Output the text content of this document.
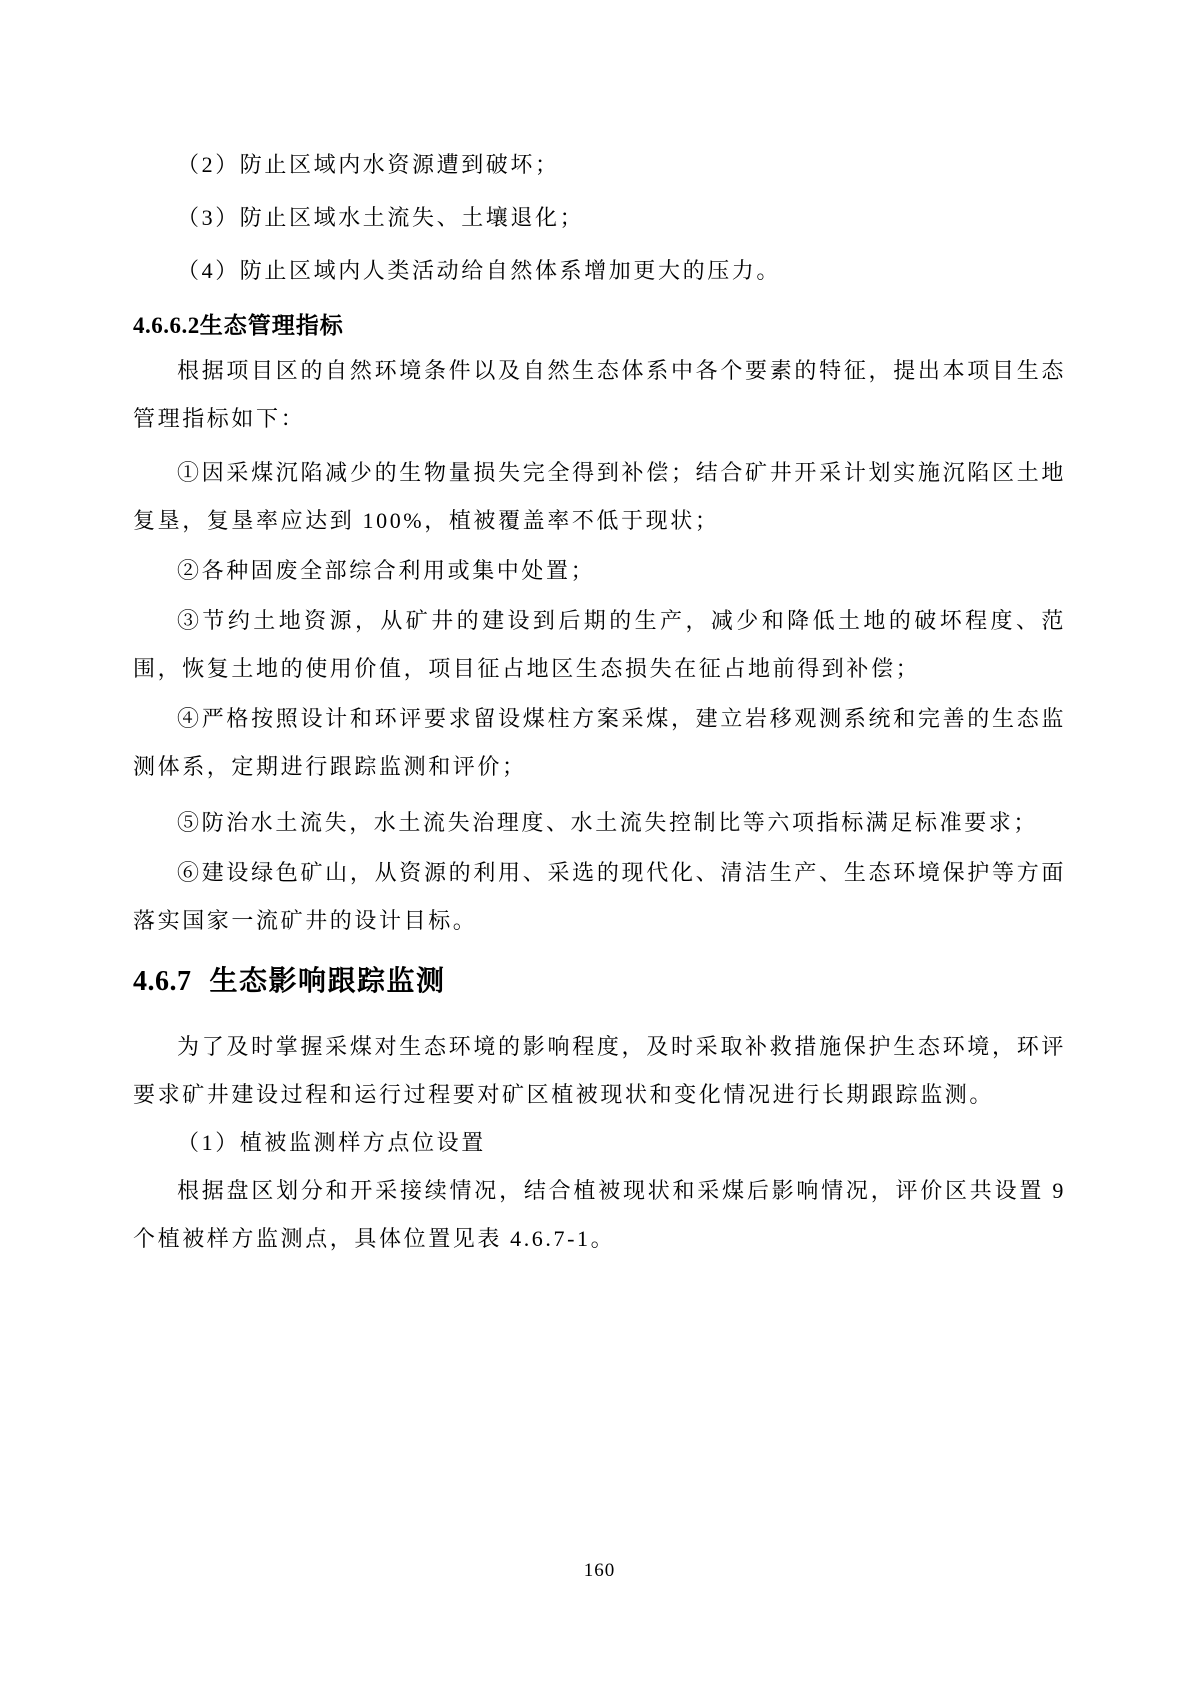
（2）防止区域内水资源遭到破坏；

（3）防止区域水土流失、土壤退化；

（4）防止区域内人类活动给自然体系增加更大的压力。

4.6.6.2生态管理指标

根据项目区的自然环境条件以及自然生态体系中各个要素的特征，提出本项目生态管理指标如下：

①因采煤沉陷减少的生物量损失完全得到补偿；结合矿井开采计划实施沉陷区土地复垦，复垦率应达到 100%，植被覆盖率不低于现状；

②各种固废全部综合利用或集中处置；

③节约土地资源，从矿井的建设到后期的生产，减少和降低土地的破坏程度、范围，恢复土地的使用价值，项目征占地区生态损失在征占地前得到补偿；

④严格按照设计和环评要求留设煤柱方案采煤，建立岩移观测系统和完善的生态监测体系，定期进行跟踪监测和评价；

⑤防治水土流失，水土流失治理度、水土流失控制比等六项指标满足标准要求；

⑥建设绿色矿山，从资源的利用、采选的现代化、清洁生产、生态环境保护等方面落实国家一流矿井的设计目标。

4.6.7 生态影响跟踪监测

为了及时掌握采煤对生态环境的影响程度，及时采取补救措施保护生态环境，环评要求矿井建设过程和运行过程要对矿区植被现状和变化情况进行长期跟踪监测。

（1）植被监测样方点位设置

根据盘区划分和开采接续情况，结合植被现状和采煤后影响情况，评价区共设置 9 个植被样方监测点，具体位置见表 4.6.7-1。

160
